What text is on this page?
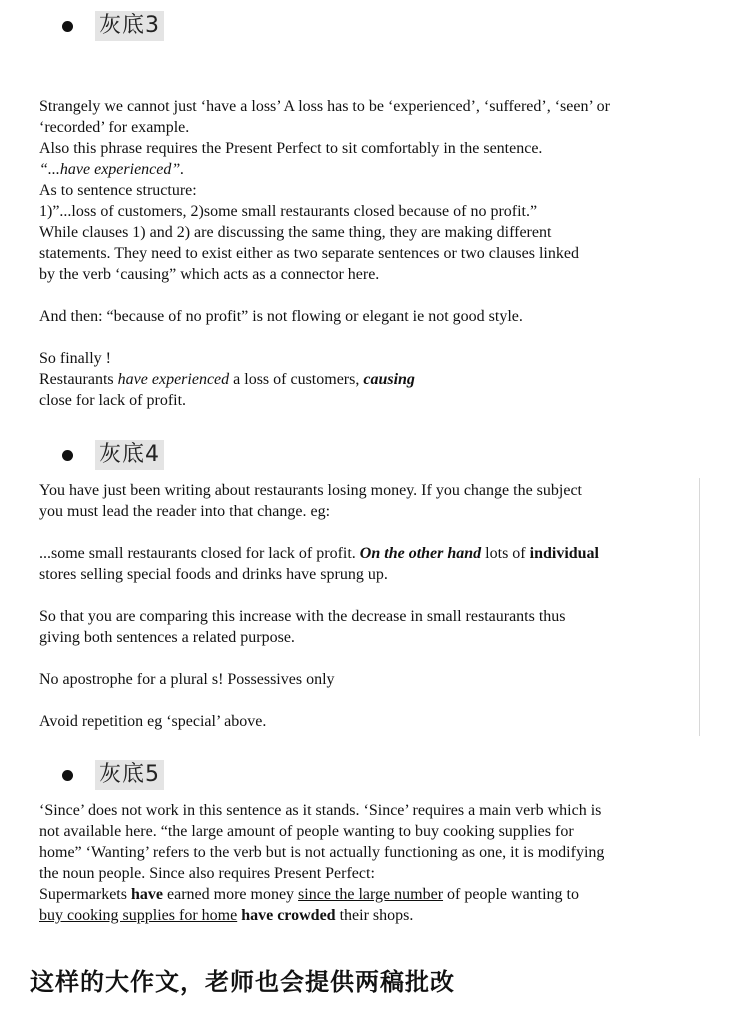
灰底3
Strangely we cannot just ‘have a loss’ A loss has to be ‘experienced’, ‘suffered’, ‘seen’ or
‘recorded’ for example.
Also this phrase requires the Present Perfect to sit comfortably in the sentence.
“...have experienced”.
As to sentence structure:
1)”...loss of customers, 2)some small restaurants closed because of no profit.”
While clauses 1) and 2) are discussing the same thing, they are making different
statements. They need to exist either as two separate sentences or two clauses linked
by the verb ‘causing” which acts as a connector here.
And then: “because of no profit” is not flowing or elegant ie not good style.
So finally !
Restaurants have experienced a loss of customers, causing
close for lack of profit.
灰底4
You have just been writing about restaurants losing money. If you change the subject
you must lead the reader into that change. eg:
...some small restaurants closed for lack of profit. On the other hand lots of individual
stores selling special foods and drinks have sprung up.
So that you are comparing this increase with the decrease in small restaurants thus
giving both sentences a related purpose.
No apostrophe for a plural s! Possessives only
Avoid repetition eg ‘special’ above.
灰底5
‘Since’ does not work in this sentence as it stands. ‘Since’ requires a main verb which is
not available here. “the large amount of people wanting to buy cooking supplies for
home” ‘Wanting’ refers to the verb but is not actually functioning as one, it is modifying
the noun people. Since also requires Present Perfect:
Supermarkets have earned more money since the large number of people wanting to
buy cooking supplies for home have crowded their shops.
这样的大作文，老师也会提供两稿批改
